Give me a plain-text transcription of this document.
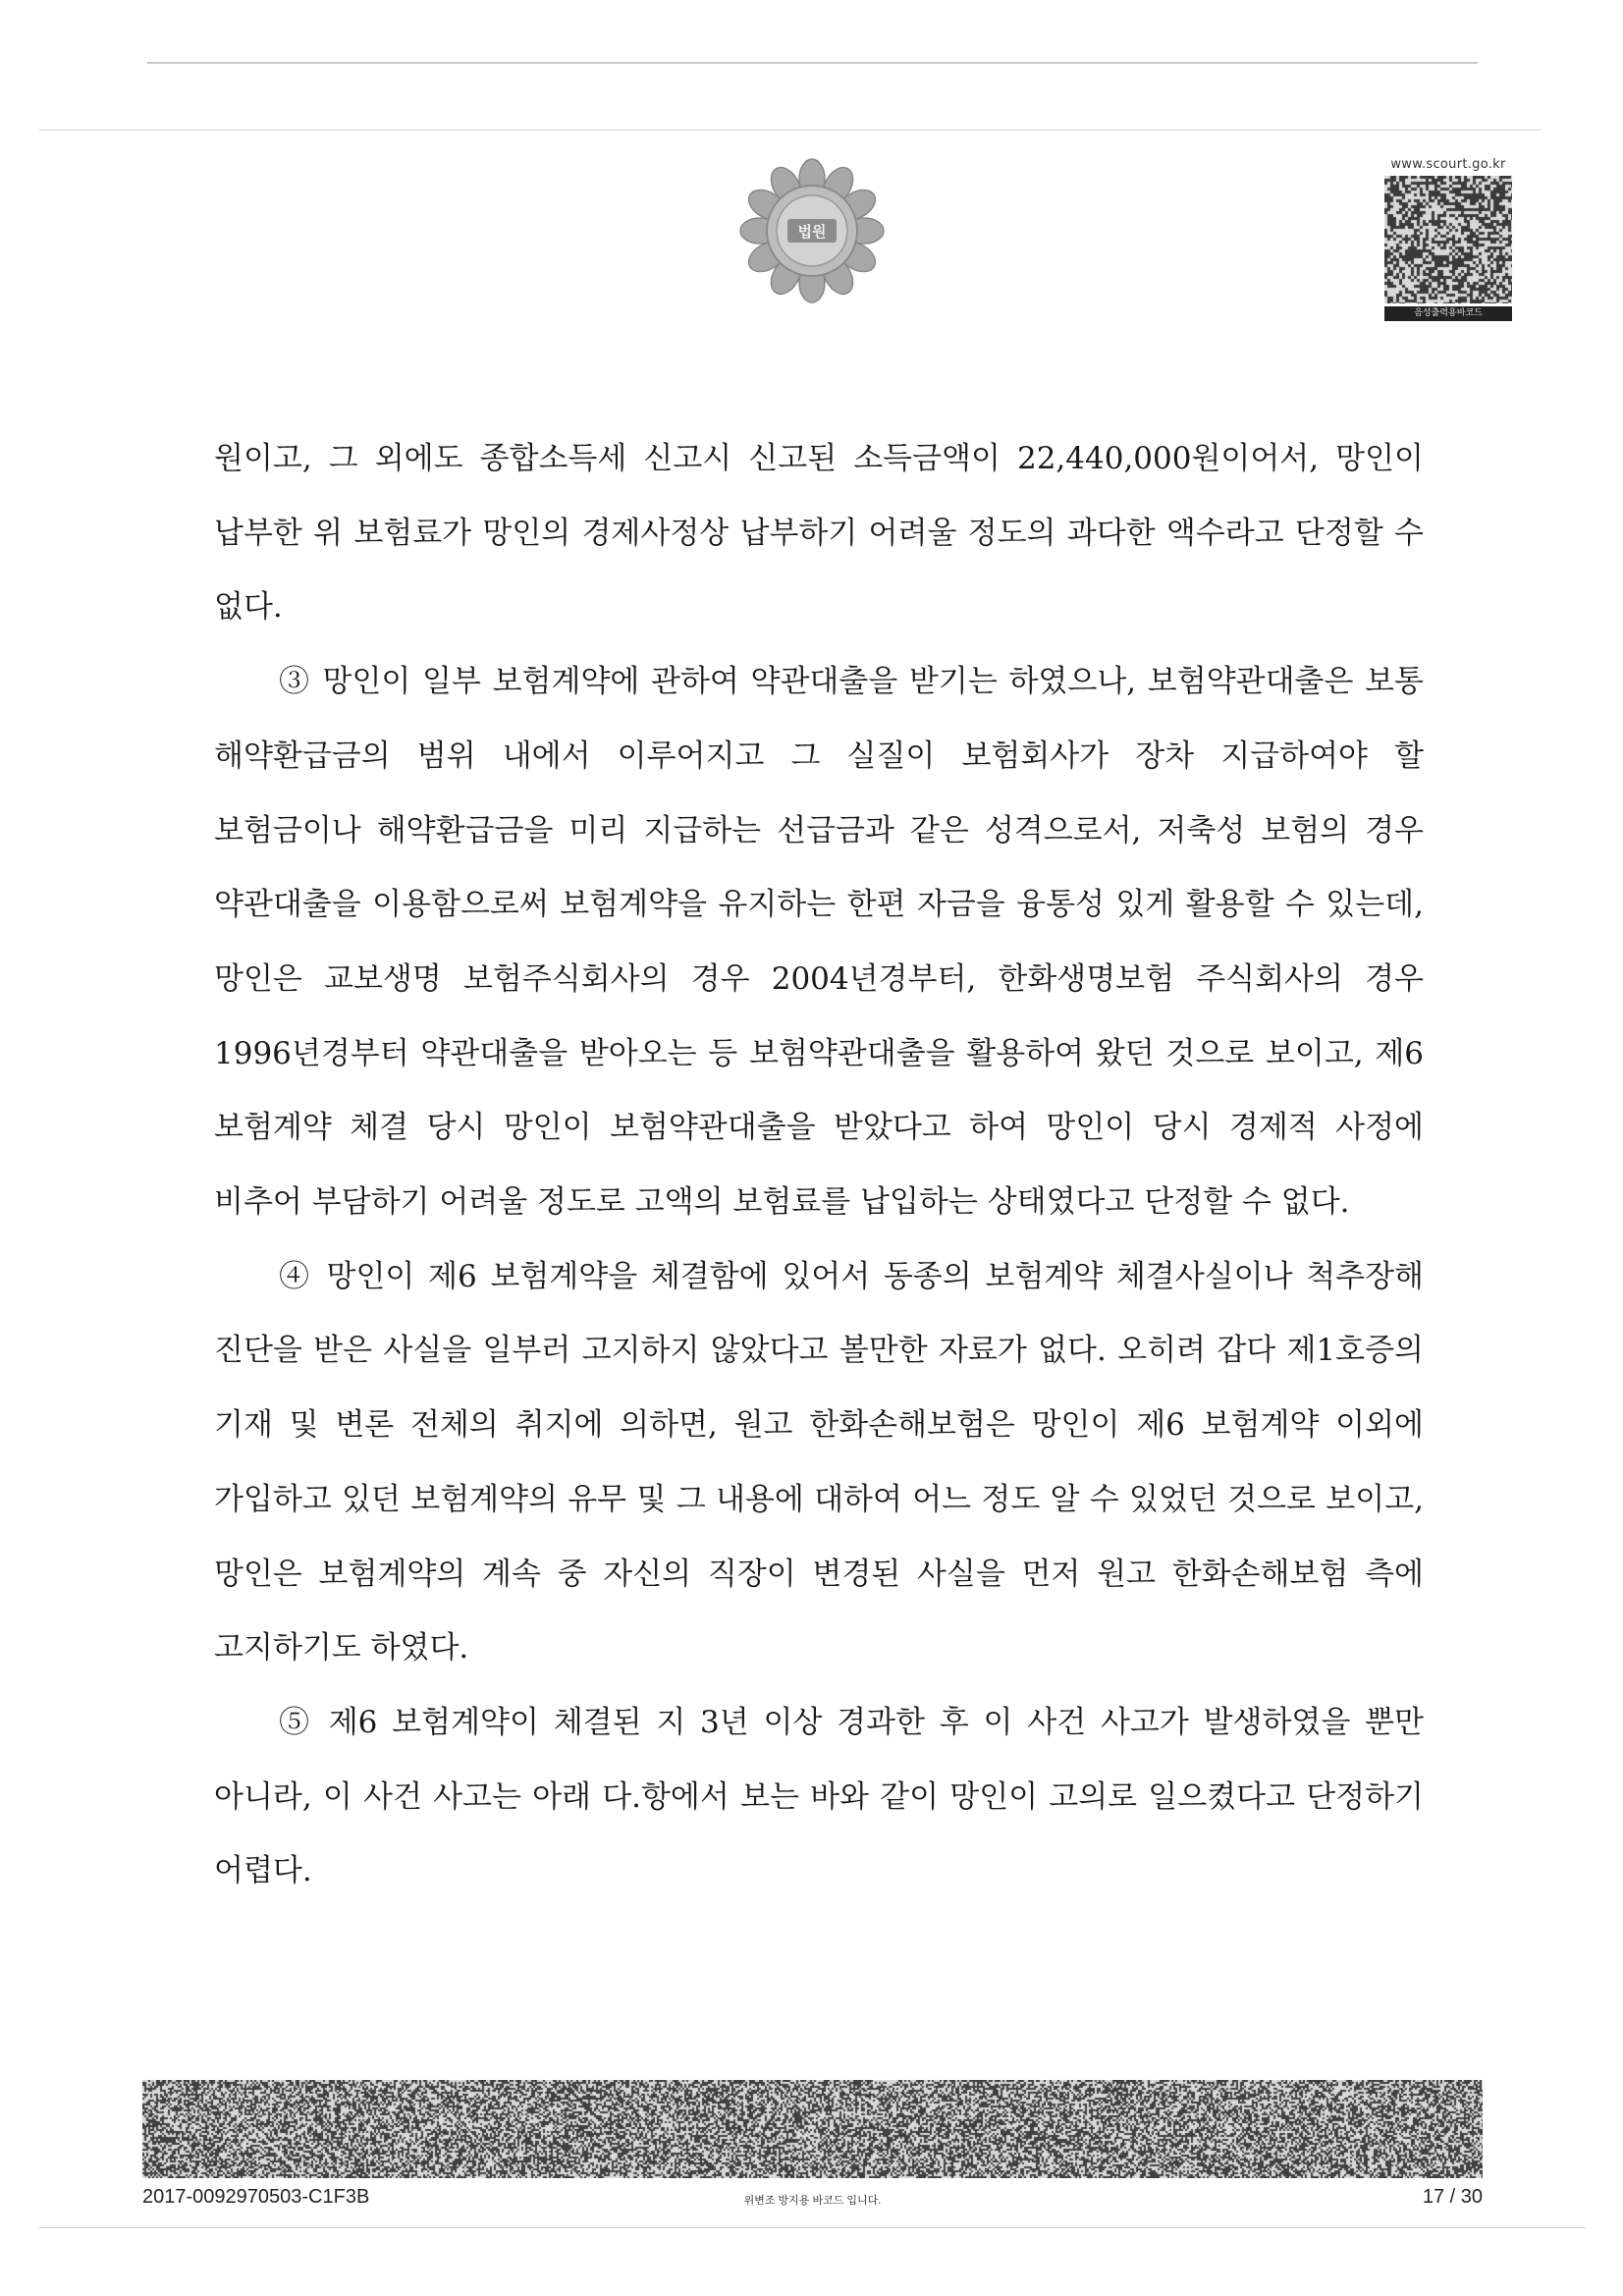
법원
www.scourt.go.kr
음성출력용바코드

원이고, 그 외에도 종합소득세 신고시 신고된 소득금액이 22,440,000원이어서, 망인이 납부한 위 보험료가 망인의 경제사정상 납부하기 어려울 정도의 과다한 액수라고 단정할 수 없다.

③ 망인이 일부 보험계약에 관하여 약관대출을 받기는 하였으나, 보험약관대출은 보통 해약환급금의 범위 내에서 이루어지고 그 실질이 보험회사가 장차 지급하여야 할 보험금이나 해약환급금을 미리 지급하는 선급금과 같은 성격으로서, 저축성 보험의 경우 약관대출을 이용함으로써 보험계약을 유지하는 한편 자금을 융통성 있게 활용할 수 있는데, 망인은 교보생명 보험주식회사의 경우 2004년경부터, 한화생명보험 주식회사의 경우 1996년경부터 약관대출을 받아오는 등 보험약관대출을 활용하여 왔던 것으로 보이고, 제6 보험계약 체결 당시 망인이 보험약관대출을 받았다고 하여 망인이 당시 경제적 사정에 비추어 부담하기 어려울 정도로 고액의 보험료를 납입하는 상태였다고 단정할 수 없다.

④ 망인이 제6 보험계약을 체결함에 있어서 동종의 보험계약 체결사실이나 척추장해 진단을 받은 사실을 일부러 고지하지 않았다고 볼만한 자료가 없다. 오히려 갑다 제1호증의 기재 및 변론 전체의 취지에 의하면, 원고 한화손해보험은 망인이 제6 보험계약 이외에 가입하고 있던 보험계약의 유무 및 그 내용에 대하여 어느 정도 알 수 있었던 것으로 보이고, 망인은 보험계약의 계속 중 자신의 직장이 변경된 사실을 먼저 원고 한화손해보험 측에 고지하기도 하였다.

⑤ 제6 보험계약이 체결된 지 3년 이상 경과한 후 이 사건 사고가 발생하였을 뿐만 아니라, 이 사건 사고는 아래 다.항에서 보는 바와 같이 망인이 고의로 일으켰다고 단정하기 어렵다.

2017-0092970503-C1F3B	위변조 방지용 바코드 입니다.	17 / 30
